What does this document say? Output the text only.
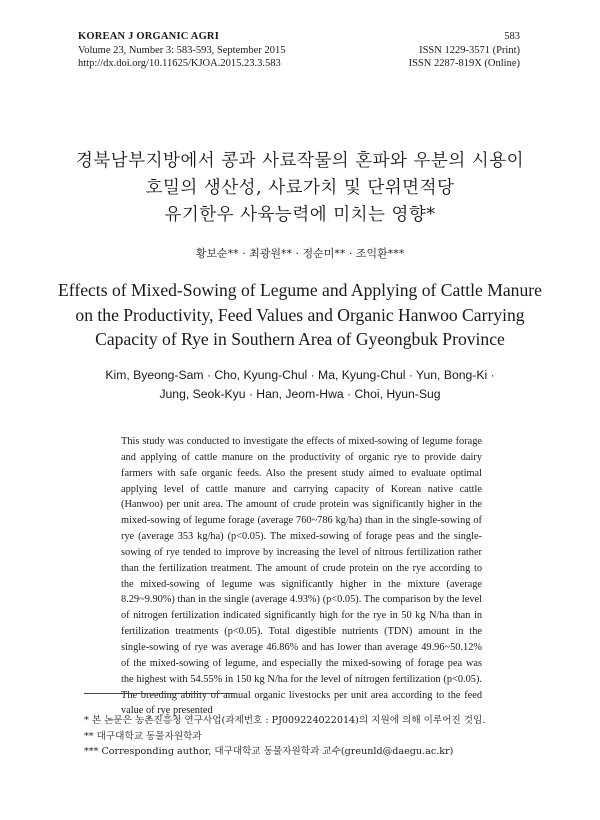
KOREAN J ORGANIC AGRI
Volume 23, Number 3: 583-593, September 2015
http://dx.doi.org/10.11625/KJOA.2015.23.3.583
583
ISSN 1229-3571 (Print)
ISSN 2287-819X (Online)
경북남부지방에서 콩과 사료작물의 혼파와 우분의 시용이
호밀의 생산성, 사료가치 및 단위면적당
유기한우 사육능력에 미치는 영향*
황보순** · 최광원** · 정순미** · 조익환***
Effects of Mixed-Sowing of Legume and Applying of Cattle Manure
on the Productivity, Feed Values and Organic Hanwoo Carrying
Capacity of Rye in Southern Area of Gyeongbuk Province
Kim, Byeong-Sam · Cho, Kyung-Chul · Ma, Kyung-Chul · Yun, Bong-Ki ·
Jung, Seok-Kyu · Han, Jeom-Hwa · Choi, Hyun-Sug

This study was conducted to investigate the effects of mixed-sowing of legume forage and applying of cattle manure on the productivity of organic rye to provide dairy farmers with safe organic feeds. Also the present study aimed to evaluate optimal applying level of cattle manure and carrying capacity of Korean native cattle (Hanwoo) per unit area. The amount of crude protein was significantly higher in the mixed-sowing of legume forage (average 760~786 kg/ha) than in the single-sowing of rye (average 353 kg/ha) (p<0.05). The mixed-sowing of forage peas and the single-sowing of rye tended to improve by increasing the level of nitrous fertilization rather than the fertilization treatment. The amount of crude protein on the rye according to the mixed-sowing of legume was significantly higher in the mixture (average 8.29~9.90%) than in the single (average 4.93%) (p<0.05). The comparison by the level of nitrogen fertilization indicated significantly high for the rye in 50 kg N/ha than in fertilization treatments (p<0.05). Total digestible nutrients (TDN) amount in the single-sowing of rye was average 46.86% and has lower than average 49.96~50.12% of the mixed-sowing of legume, and especially the mixed-sowing of forage pea was the highest with 54.55% in 150 kg N/ha for the level of nitrogen fertilization (p<0.05). The breeding ability of annual organic livestocks per unit area according to the feed value of rye presented

* 본 논문은 농촌진흥청 연구사업(과제번호 : PJ009224022014)의 지원에 의해 이루어진 것임.
** 대구대학교 동물자원학과
*** Corresponding author, 대구대학교 동물자원학과 교수(greunld@daegu.ac.kr)
